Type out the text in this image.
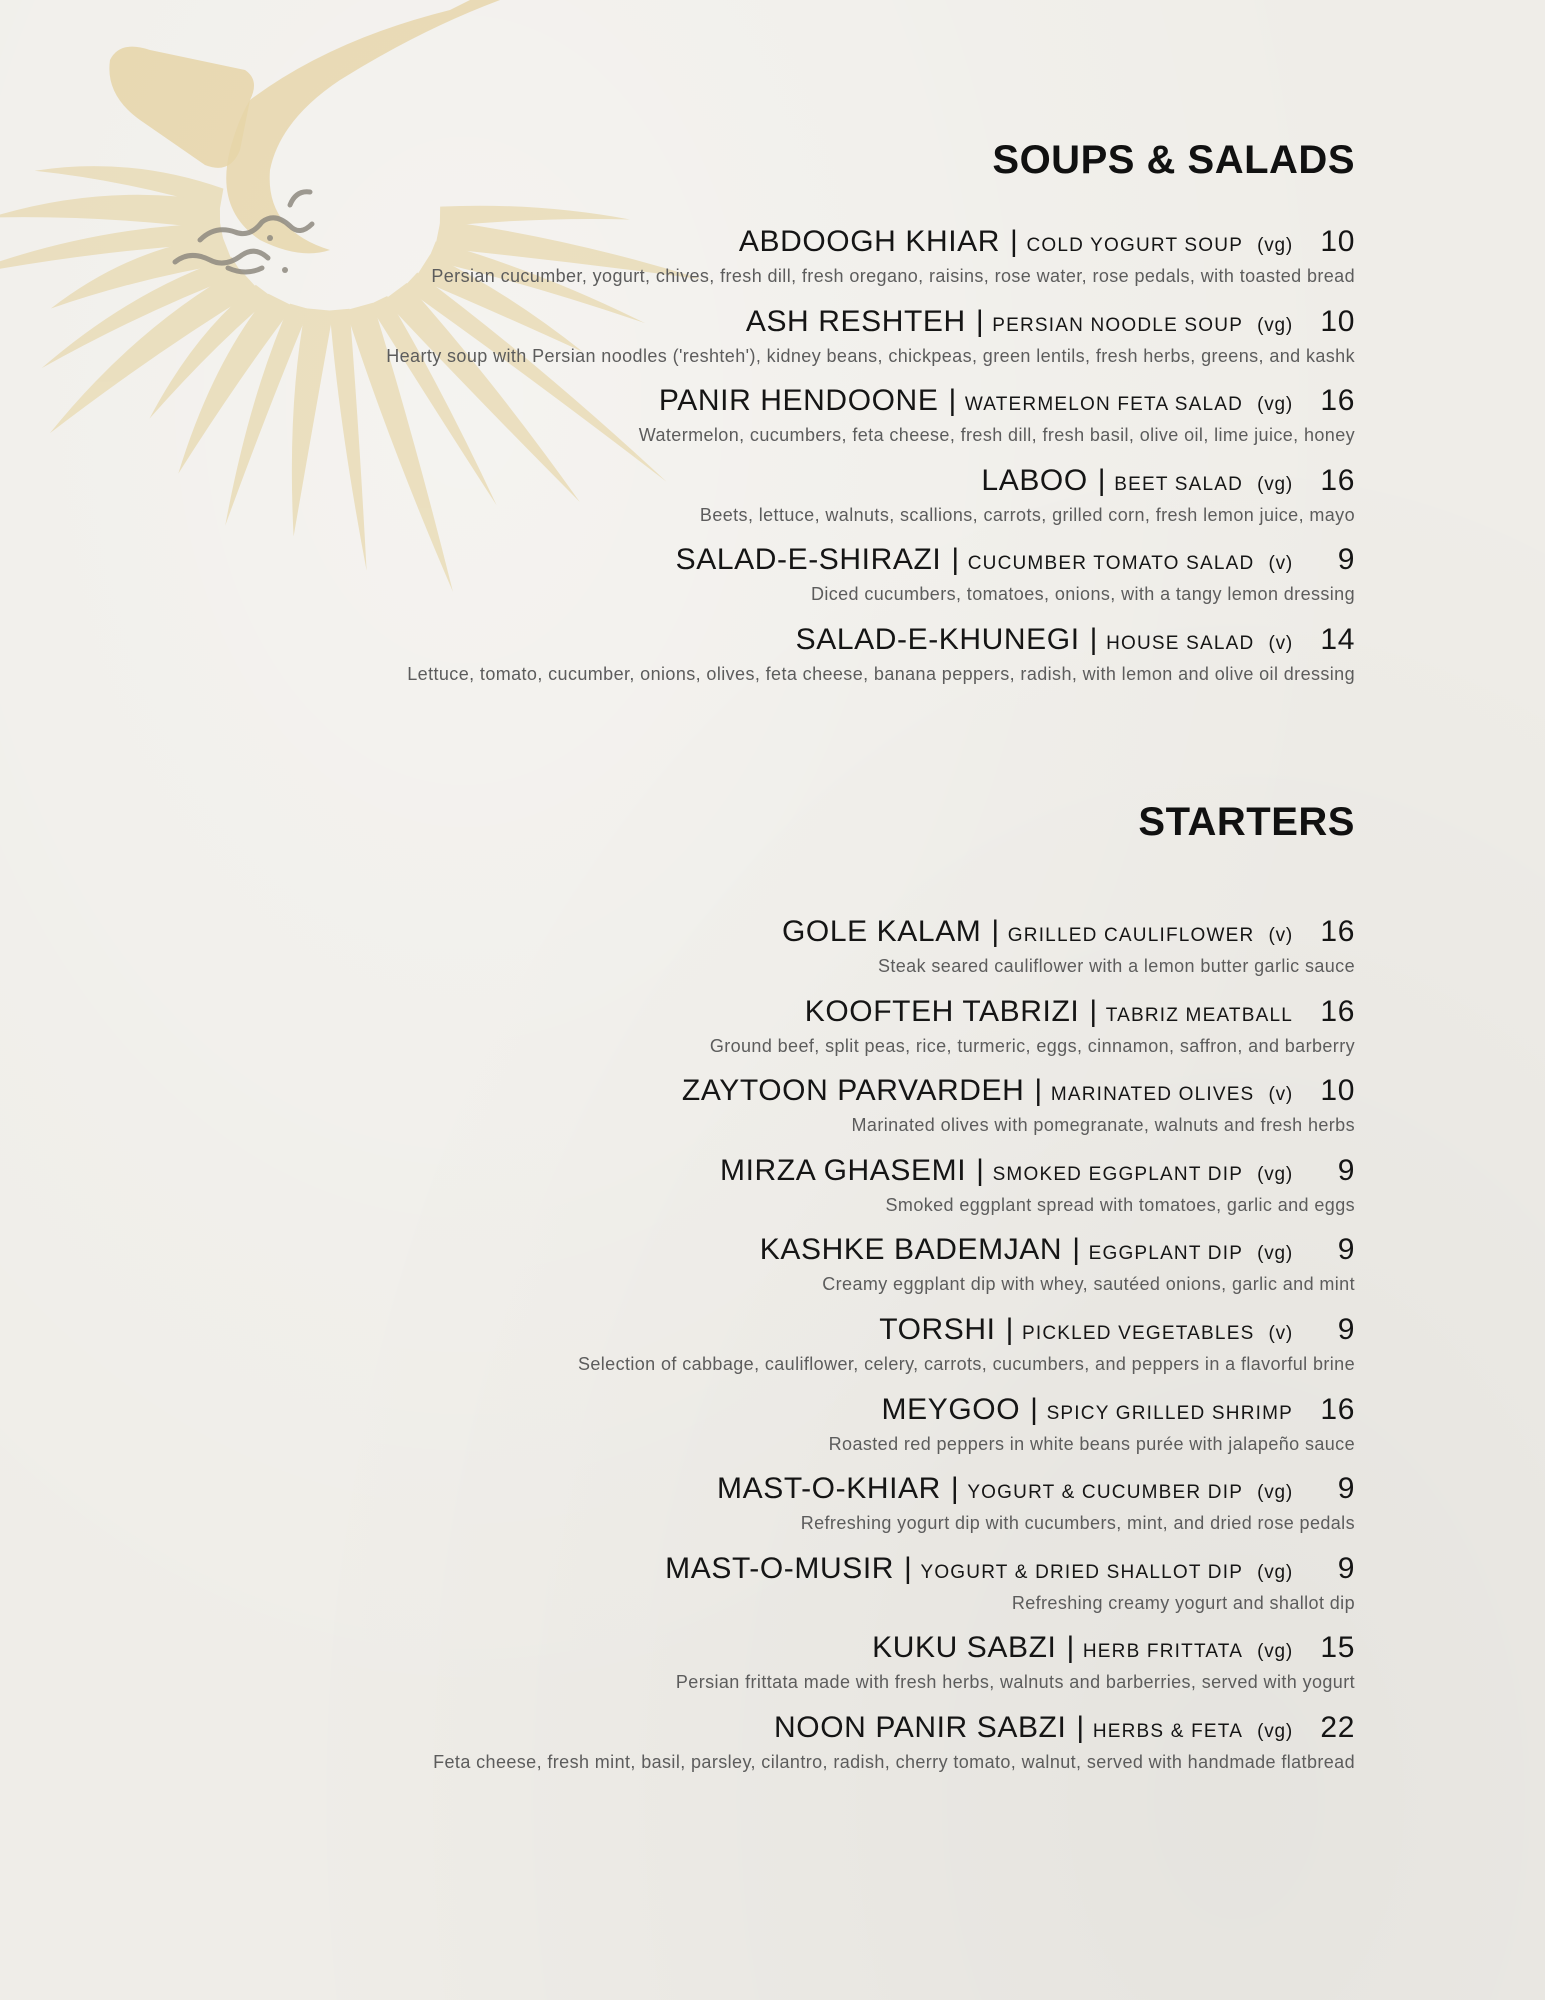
SOUPS & SALADS
ABDOOGH KHIAR | COLD YOGURT SOUP (vg) 10
Persian cucumber, yogurt, chives, fresh dill, fresh oregano, raisins, rose water, rose pedals, with toasted bread
ASH RESHTEH | PERSIAN NOODLE SOUP (vg) 10
Hearty soup with Persian noodles ('reshteh'), kidney beans, chickpeas, green lentils, fresh herbs, greens, and kashk
PANIR HENDOONE | WATERMELON FETA SALAD (vg) 16
Watermelon, cucumbers, feta cheese, fresh dill, fresh basil, olive oil, lime juice, honey
LABOO | BEET SALAD (vg) 16
Beets, lettuce, walnuts, scallions, carrots, grilled corn, fresh lemon juice, mayo
SALAD-E-SHIRAZI | CUCUMBER TOMATO SALAD (v) 9
Diced cucumbers, tomatoes, onions, with a tangy lemon dressing
SALAD-E-KHUNEGI | HOUSE SALAD (v) 14
Lettuce, tomato, cucumber, onions, olives, feta cheese, banana peppers, radish, with lemon and olive oil dressing
STARTERS
GOLE KALAM | GRILLED CAULIFLOWER (v) 16
Steak seared cauliflower with a lemon butter garlic sauce
KOOFTEH TABRIZI | TABRIZ MEATBALL 16
Ground beef, split peas, rice, turmeric, eggs, cinnamon, saffron, and barberry
ZAYTOON PARVARDEH | MARINATED OLIVES (v) 10
Marinated olives with pomegranate, walnuts and fresh herbs
MIRZA GHASEMI | SMOKED EGGPLANT DIP (vg) 9
Smoked eggplant spread with tomatoes, garlic and eggs
KASHKE BADEMJAN | EGGPLANT DIP (vg) 9
Creamy eggplant dip with whey, sautéed onions, garlic and mint
TORSHI | PICKLED VEGETABLES (v) 9
Selection of cabbage, cauliflower, celery, carrots, cucumbers, and peppers in a flavorful brine
MEYGOO | SPICY GRILLED SHRIMP 16
Roasted red peppers in white beans purée with jalapeño sauce
MAST-O-KHIAR | YOGURT & CUCUMBER DIP (vg) 9
Refreshing yogurt dip with cucumbers, mint, and dried rose pedals
MAST-O-MUSIR | YOGURT & DRIED SHALLOT DIP (vg) 9
Refreshing creamy yogurt and shallot dip
KUKU SABZI | HERB FRITTATA (vg) 15
Persian frittata made with fresh herbs, walnuts and barberries, served with yogurt
NOON PANIR SABZI | HERBS & FETA (vg) 22
Feta cheese, fresh mint, basil, parsley, cilantro, radish, cherry tomato, walnut, served with handmade flatbread
